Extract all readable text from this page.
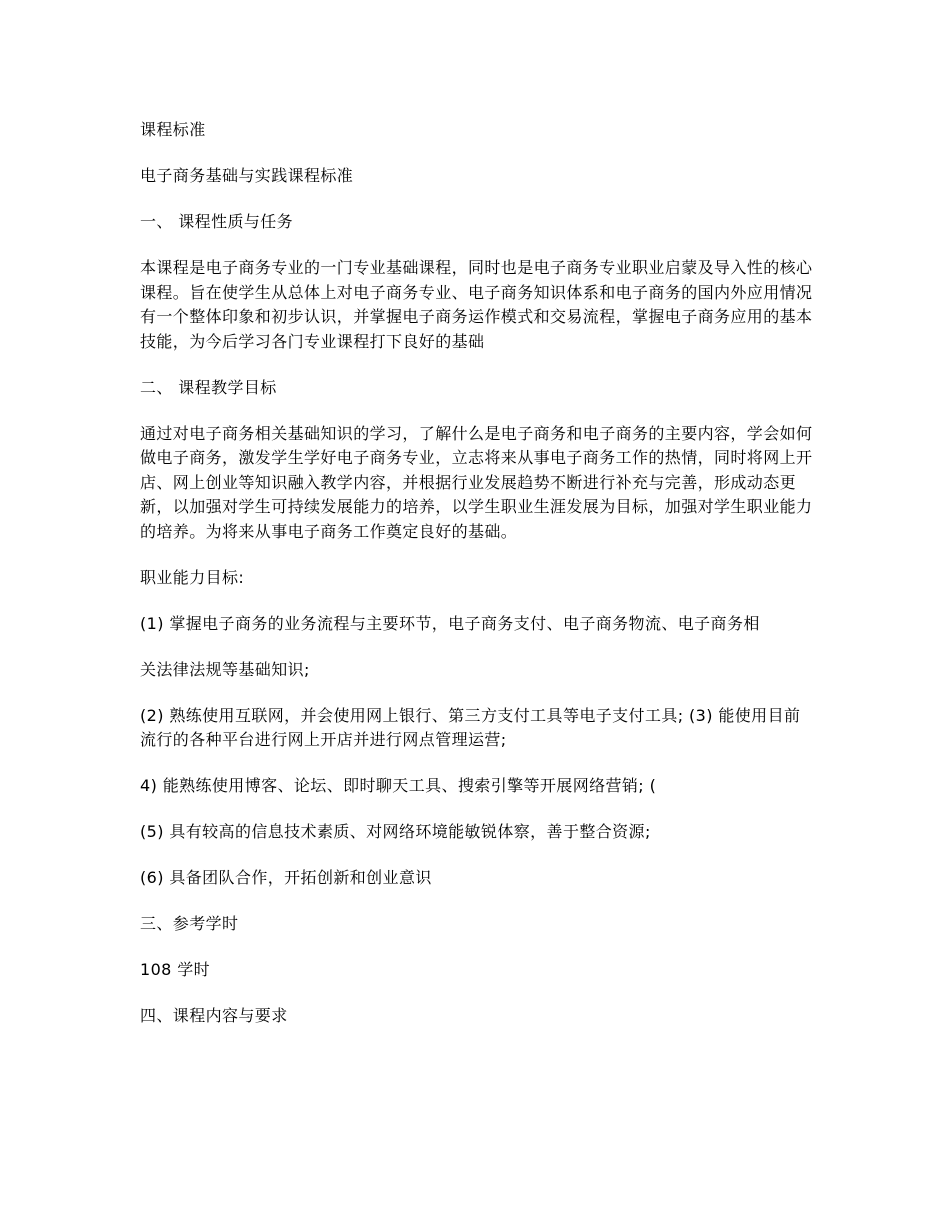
课程标准

电子商务基础与实践课程标准

一、 课程性质与任务

本课程是电子商务专业的一门专业基础课程，同时也是电子商务专业职业启蒙及导入性的核心课程。旨在使学生从总体上对电子商务专业、电子商务知识体系和电子商务的国内外应用情况有一个整体印象和初步认识，并掌握电子商务运作模式和交易流程，掌握电子商务应用的基本技能，为今后学习各门专业课程打下良好的基础

二、 课程教学目标

通过对电子商务相关基础知识的学习，了解什么是电子商务和电子商务的主要内容，学会如何做电子商务，激发学生学好电子商务专业，立志将来从事电子商务工作的热情，同时将网上开店、网上创业等知识融入教学内容，并根据行业发展趋势不断进行补充与完善，形成动态更新，以加强对学生可持续发展能力的培养，以学生职业生涯发展为目标，加强对学生职业能力的培养。为将来从事电子商务工作奠定良好的基础。

职业能力目标:

(1) 掌握电子商务的业务流程与主要环节，电子商务支付、电子商务物流、电子商务相

关法律法规等基础知识;

(2) 熟练使用互联网，并会使用网上银行、第三方支付工具等电子支付工具; (3) 能使用目前流行的各种平台进行网上开店并进行网点管理运营;

4) 能熟练使用博客、论坛、即时聊天工具、搜索引擎等开展网络营销; (

(5) 具有较高的信息技术素质、对网络环境能敏锐体察，善于整合资源;

(6) 具备团队合作，开拓创新和创业意识

三、参考学时

108 学时

四、课程内容与要求
